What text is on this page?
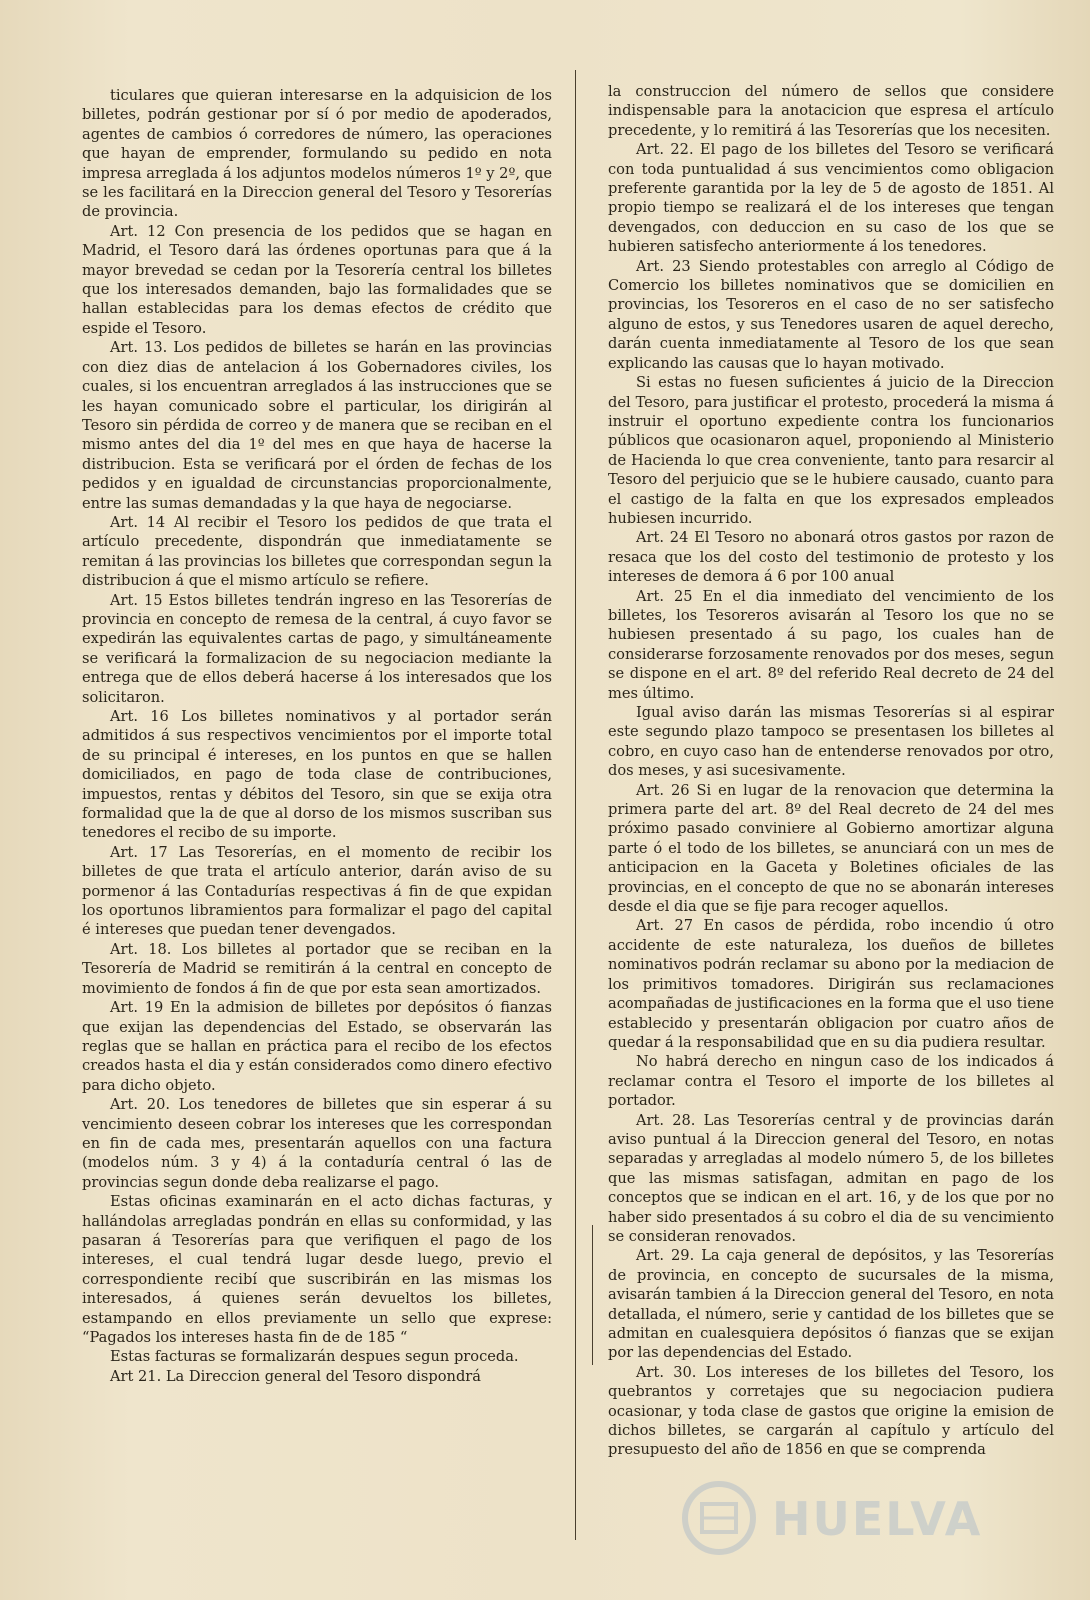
ticulares que quieran interesarse en la adquisicion de los billetes, podrán gestionar por sí ó por medio de apoderados, agentes de cambios ó corredores de número, las operaciones que hayan de emprender, formulando su pedido en nota impresa arreglada á los adjuntos modelos números 1º y 2º, que se les facilitará en la Direccion general del Tesoro y Tesorerías de provincia.

Art. 12 Con presencia de los pedidos que se hagan en Madrid, el Tesoro dará las órdenes oportunas para que á la mayor brevedad se cedan por la Tesorería central los billetes que los interesados demanden, bajo las formalidades que se hallan establecidas para los demas efectos de crédito que espide el Tesoro.

Art. 13. Los pedidos de billetes se harán en las provincias con diez dias de antelacion á los Gobernadores civiles, los cuales, si los encuentran arreglados á las instrucciones que se les hayan comunicado sobre el particular, los dirigirán al Tesoro sin pérdida de correo y de manera que se reciban en el mismo antes del dia 1º del mes en que haya de hacerse la distribucion. Esta se verificará por el órden de fechas de los pedidos y en igualdad de circunstancias proporcionalmente, entre las sumas demandadas y la que haya de negociarse.

Art. 14 Al recibir el Tesoro los pedidos de que trata el artículo precedente, dispondrán que inmediatamente se remitan á las provincias los billetes que correspondan segun la distribucion á que el mismo artículo se refiere.

Art. 15 Estos billetes tendrán ingreso en las Tesorerías de provincia en concepto de remesa de la central, á cuyo favor se expedirán las equivalentes cartas de pago, y simultáneamente se verificará la formalizacion de su negociacion mediante la entrega que de ellos deberá hacerse á los interesados que los solicitaron.

Art. 16 Los billetes nominativos y al portador serán admitidos á sus respectivos vencimientos por el importe total de su principal é intereses, en los puntos en que se hallen domiciliados, en pago de toda clase de contribuciones, impuestos, rentas y débitos del Tesoro, sin que se exija otra formalidad que la de que al dorso de los mismos suscriban sus tenedores el recibo de su importe.

Art. 17 Las Tesorerías, en el momento de recibir los billetes de que trata el artículo anterior, darán aviso de su pormenor á las Contadurías respectivas á fin de que expidan los oportunos libramientos para formalizar el pago del capital é intereses que puedan tener devengados.

Art. 18. Los billetes al portador que se reciban en la Tesorería de Madrid se remitirán á la central en concepto de movimiento de fondos á fin de que por esta sean amortizados.

Art. 19 En la admision de billetes por depósitos ó fianzas que exijan las dependencias del Estado, se observarán las reglas que se hallan en práctica para el recibo de los efectos creados hasta el dia y están considerados como dinero efectivo para dicho objeto.

Art. 20. Los tenedores de billetes que sin esperar á su vencimiento deseen cobrar los intereses que les correspondan en fin de cada mes, presentarán aquellos con una factura (modelos núm. 3 y 4) á la contaduría central ó las de provincias segun donde deba realizarse el pago.

Estas oficinas examinarán en el acto dichas facturas, y hallándolas arregladas pondrán en ellas su conformidad, y las pasaran á Tesorerías para que verifiquen el pago de los intereses, el cual tendrá lugar desde luego, previo el correspondiente recibí que suscribirán en las mismas los interesados, á quienes serán devueltos los billetes, estampando en ellos previamente un sello que exprese: “Pagados los intereses hasta fin de de 185 “

Estas facturas se formalizarán despues segun proceda.

Art 21. La Direccion general del Tesoro dispondrá

la construccion del número de sellos que considere indispensable para la anotacicion que espresa el artículo precedente, y lo remitirá á las Tesorerías que los necesiten.

Art. 22. El pago de los billetes del Tesoro se verificará con toda puntualidad á sus vencimientos como obligacion preferente garantida por la ley de 5 de agosto de 1851. Al propio tiempo se realizará el de los intereses que tengan devengados, con deduccion en su caso de los que se hubieren satisfecho anteriormente á los tenedores.

Art. 23 Siendo protestables con arreglo al Código de Comercio los billetes nominativos que se domicilien en provincias, los Tesoreros en el caso de no ser satisfecho alguno de estos, y sus Tenedores usaren de aquel derecho, darán cuenta inmediatamente al Tesoro de los que sean explicando las causas que lo hayan motivado.

Si estas no fuesen suficientes á juicio de la Direccion del Tesoro, para justificar el protesto, procederá la misma á instruir el oportuno expediente contra los funcionarios públicos que ocasionaron aquel, proponiendo al Ministerio de Hacienda lo que crea conveniente, tanto para resarcir al Tesoro del perjuicio que se le hubiere causado, cuanto para el castigo de la falta en que los expresados empleados hubiesen incurrido.

Art. 24 El Tesoro no abonará otros gastos por razon de resaca que los del costo del testimonio de protesto y los intereses de demora á 6 por 100 anual

Art. 25 En el dia inmediato del vencimiento de los billetes, los Tesoreros avisarán al Tesoro los que no se hubiesen presentado á su pago, los cuales han de considerarse forzosamente renovados por dos meses, segun se dispone en el art. 8º del referido Real decreto de 24 del mes último.

Igual aviso darán las mismas Tesorerías si al espirar este segundo plazo tampoco se presentasen los billetes al cobro, en cuyo caso han de entenderse renovados por otro, dos meses, y asi sucesivamente.

Art. 26 Si en lugar de la renovacion que determina la primera parte del art. 8º del Real decreto de 24 del mes próximo pasado conviniere al Gobierno amortizar alguna parte ó el todo de los billetes, se anunciará con un mes de anticipacion en la Gaceta y Boletines oficiales de las provincias, en el concepto de que no se abonarán intereses desde el dia que se fije para recoger aquellos.

Art. 27 En casos de pérdida, robo incendio ú otro accidente de este naturaleza, los dueños de billetes nominativos podrán reclamar su abono por la mediacion de los primitivos tomadores. Dirigirán sus reclamaciones acompañadas de justificaciones en la forma que el uso tiene establecido y presentarán obligacion por cuatro años de quedar á la responsabilidad que en su dia pudiera resultar.

No habrá derecho en ningun caso de los indicados á reclamar contra el Tesoro el importe de los billetes al portador.

Art. 28. Las Tesorerías central y de provincias darán aviso puntual á la Direccion general del Tesoro, en notas separadas y arregladas al modelo número 5, de los billetes que las mismas satisfagan, admitan en pago de los conceptos que se indican en el art. 16, y de los que por no haber sido presentados á su cobro el dia de su vencimiento se consideran renovados.

Art. 29. La caja general de depósitos, y las Tesorerías de provincia, en concepto de sucursales de la misma, avisarán tambien á la Direccion general del Tesoro, en nota detallada, el número, serie y cantidad de los billetes que se admitan en cualesquiera depósitos ó fianzas que se exijan por las dependencias del Estado.

Art. 30. Los intereses de los billetes del Tesoro, los quebrantos y corretajes que su negociacion pudiera ocasionar, y toda clase de gastos que origine la emision de dichos billetes, se cargarán al capítulo y artículo del presupuesto del año de 1856 en que se comprenda

HUELVA
